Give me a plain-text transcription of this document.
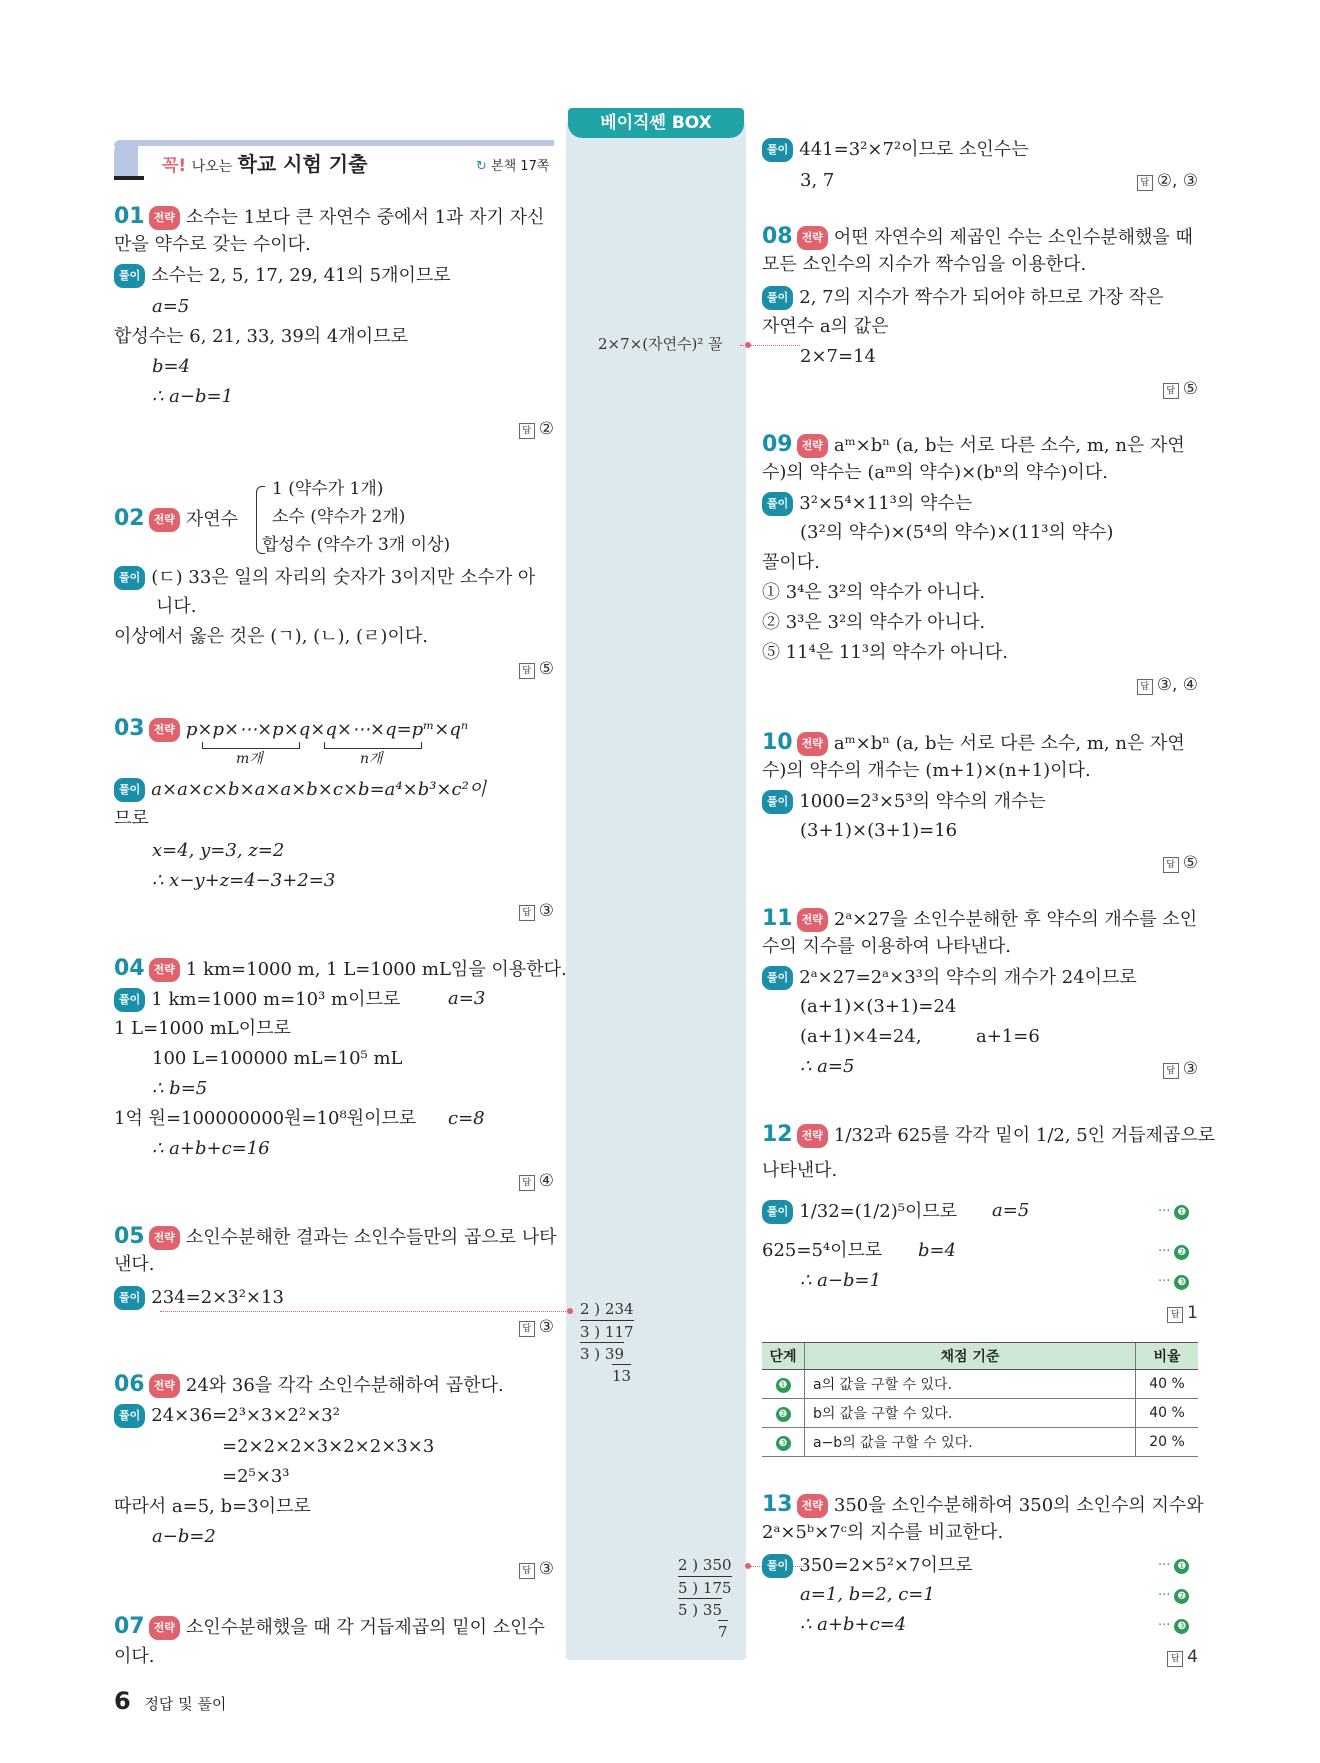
꼭! 나오는 학교 시험 기출	↻ 본책 17쪽
베이직쎈 BOX
2×7×(자연수)² 꼴
2 ) 234
3 ) 117
3 ) 39
13
2 ) 350
5 ) 175
5 ) 35
7
01 전략 소수는 1보다 큰 자연수 중에서 1과 자기 자신
만을 약수로 갖는 수이다.
풀이 소수는 2, 5, 17, 29, 41의 5개이므로
a=5
합성수는 6, 21, 33, 39의 4개이므로
b=4
∴ a−b=1
답 ②
02 전략 자연수
1 (약수가 1개)
소수 (약수가 2개)
합성수 (약수가 3개 이상)
풀이 (ㄷ) 33은 일의 자리의 숫자가 3이지만 소수가 아
니다.
이상에서 옳은 것은 (ㄱ), (ㄴ), (ㄹ)이다.
답 ⑤
03 전략 p×p×⋯×p×q×q×⋯×q=pᵐ×qⁿ
m개	n개
풀이 a×a×c×b×a×a×b×c×b=a⁴×b³×c²이
므로
x=4, y=3, z=2
∴ x−y+z=4−3+2=3
답 ③
04 전략 1 km=1000 m, 1 L=1000 mL임을 이용한다.
풀이 1 km=1000 m=10³ m이므로	a=3
1 L=1000 mL이므로
100 L=100000 mL=10⁵ mL
∴ b=5
1억 원=100000000원=10⁸원이므로 c=8
∴ a+b+c=16
답 ④
05 전략 소인수분해한 결과는 소인수들만의 곱으로 나타
낸다.
풀이 234=2×3²×13
답 ③
06 전략 24와 36을 각각 소인수분해하여 곱한다.
풀이 24×36=2³×3×2²×3²
=2×2×2×3×2×2×3×3
=2⁵×3³
따라서 a=5, b=3이므로
a−b=2
답 ③
07 전략 소인수분해했을 때 각 거듭제곱의 밑이 소인수
이다.
풀이 441=3²×7²이므로 소인수는
3, 7	답 ②, ③
08 전략 어떤 자연수의 제곱인 수는 소인수분해했을 때
모든 소인수의 지수가 짝수임을 이용한다.
풀이 2, 7의 지수가 짝수가 되어야 하므로 가장 작은
자연수 a의 값은
2×7=14
답 ⑤
09 전략 aᵐ×bⁿ (a, b는 서로 다른 소수, m, n은 자연
수)의 약수는 (aᵐ의 약수)×(bⁿ의 약수)이다.
풀이 3²×5⁴×11³의 약수는
(3²의 약수)×(5⁴의 약수)×(11³의 약수)
꼴이다.
① 3⁴은 3²의 약수가 아니다.
② 3³은 3²의 약수가 아니다.
⑤ 11⁴은 11³의 약수가 아니다.
답 ③, ④
10 전략 aᵐ×bⁿ (a, b는 서로 다른 소수, m, n은 자연
수)의 약수의 개수는 (m+1)×(n+1)이다.
풀이 1000=2³×5³의 약수의 개수는
(3+1)×(3+1)=16
답 ⑤
11 전략 2ᵃ×27을 소인수분해한 후 약수의 개수를 소인
수의 지수를 이용하여 나타낸다.
풀이 2ᵃ×27=2ᵃ×3³의 약수의 개수가 24이므로
(a+1)×(3+1)=24
(a+1)×4=24,	a+1=6
∴ a=5	답 ③
12 전략 1/32과 625를 각각 밑이 1/2, 5인 거듭제곱으로
나타낸다.
풀이 1/32=(1/2)⁵이므로 a=5
625=5⁴이므로 b=4
∴ a−b=1
··· ❶
··· ❷
··· ❸
답 1
단계	채점 기준	비율
❶	a의 값을 구할 수 있다.	40 %
❷	b의 값을 구할 수 있다.	40 %
❸	a−b의 값을 구할 수 있다.	20 %
13 전략 350을 소인수분해하여 350의 소인수의 지수와
2ᵃ×5ᵇ×7ᶜ의 지수를 비교한다.
풀이 350=2×5²×7이므로
a=1, b=2, c=1
∴ a+b+c=4
··· ❶
··· ❷
··· ❸
답 4
6 정답 및 풀이
